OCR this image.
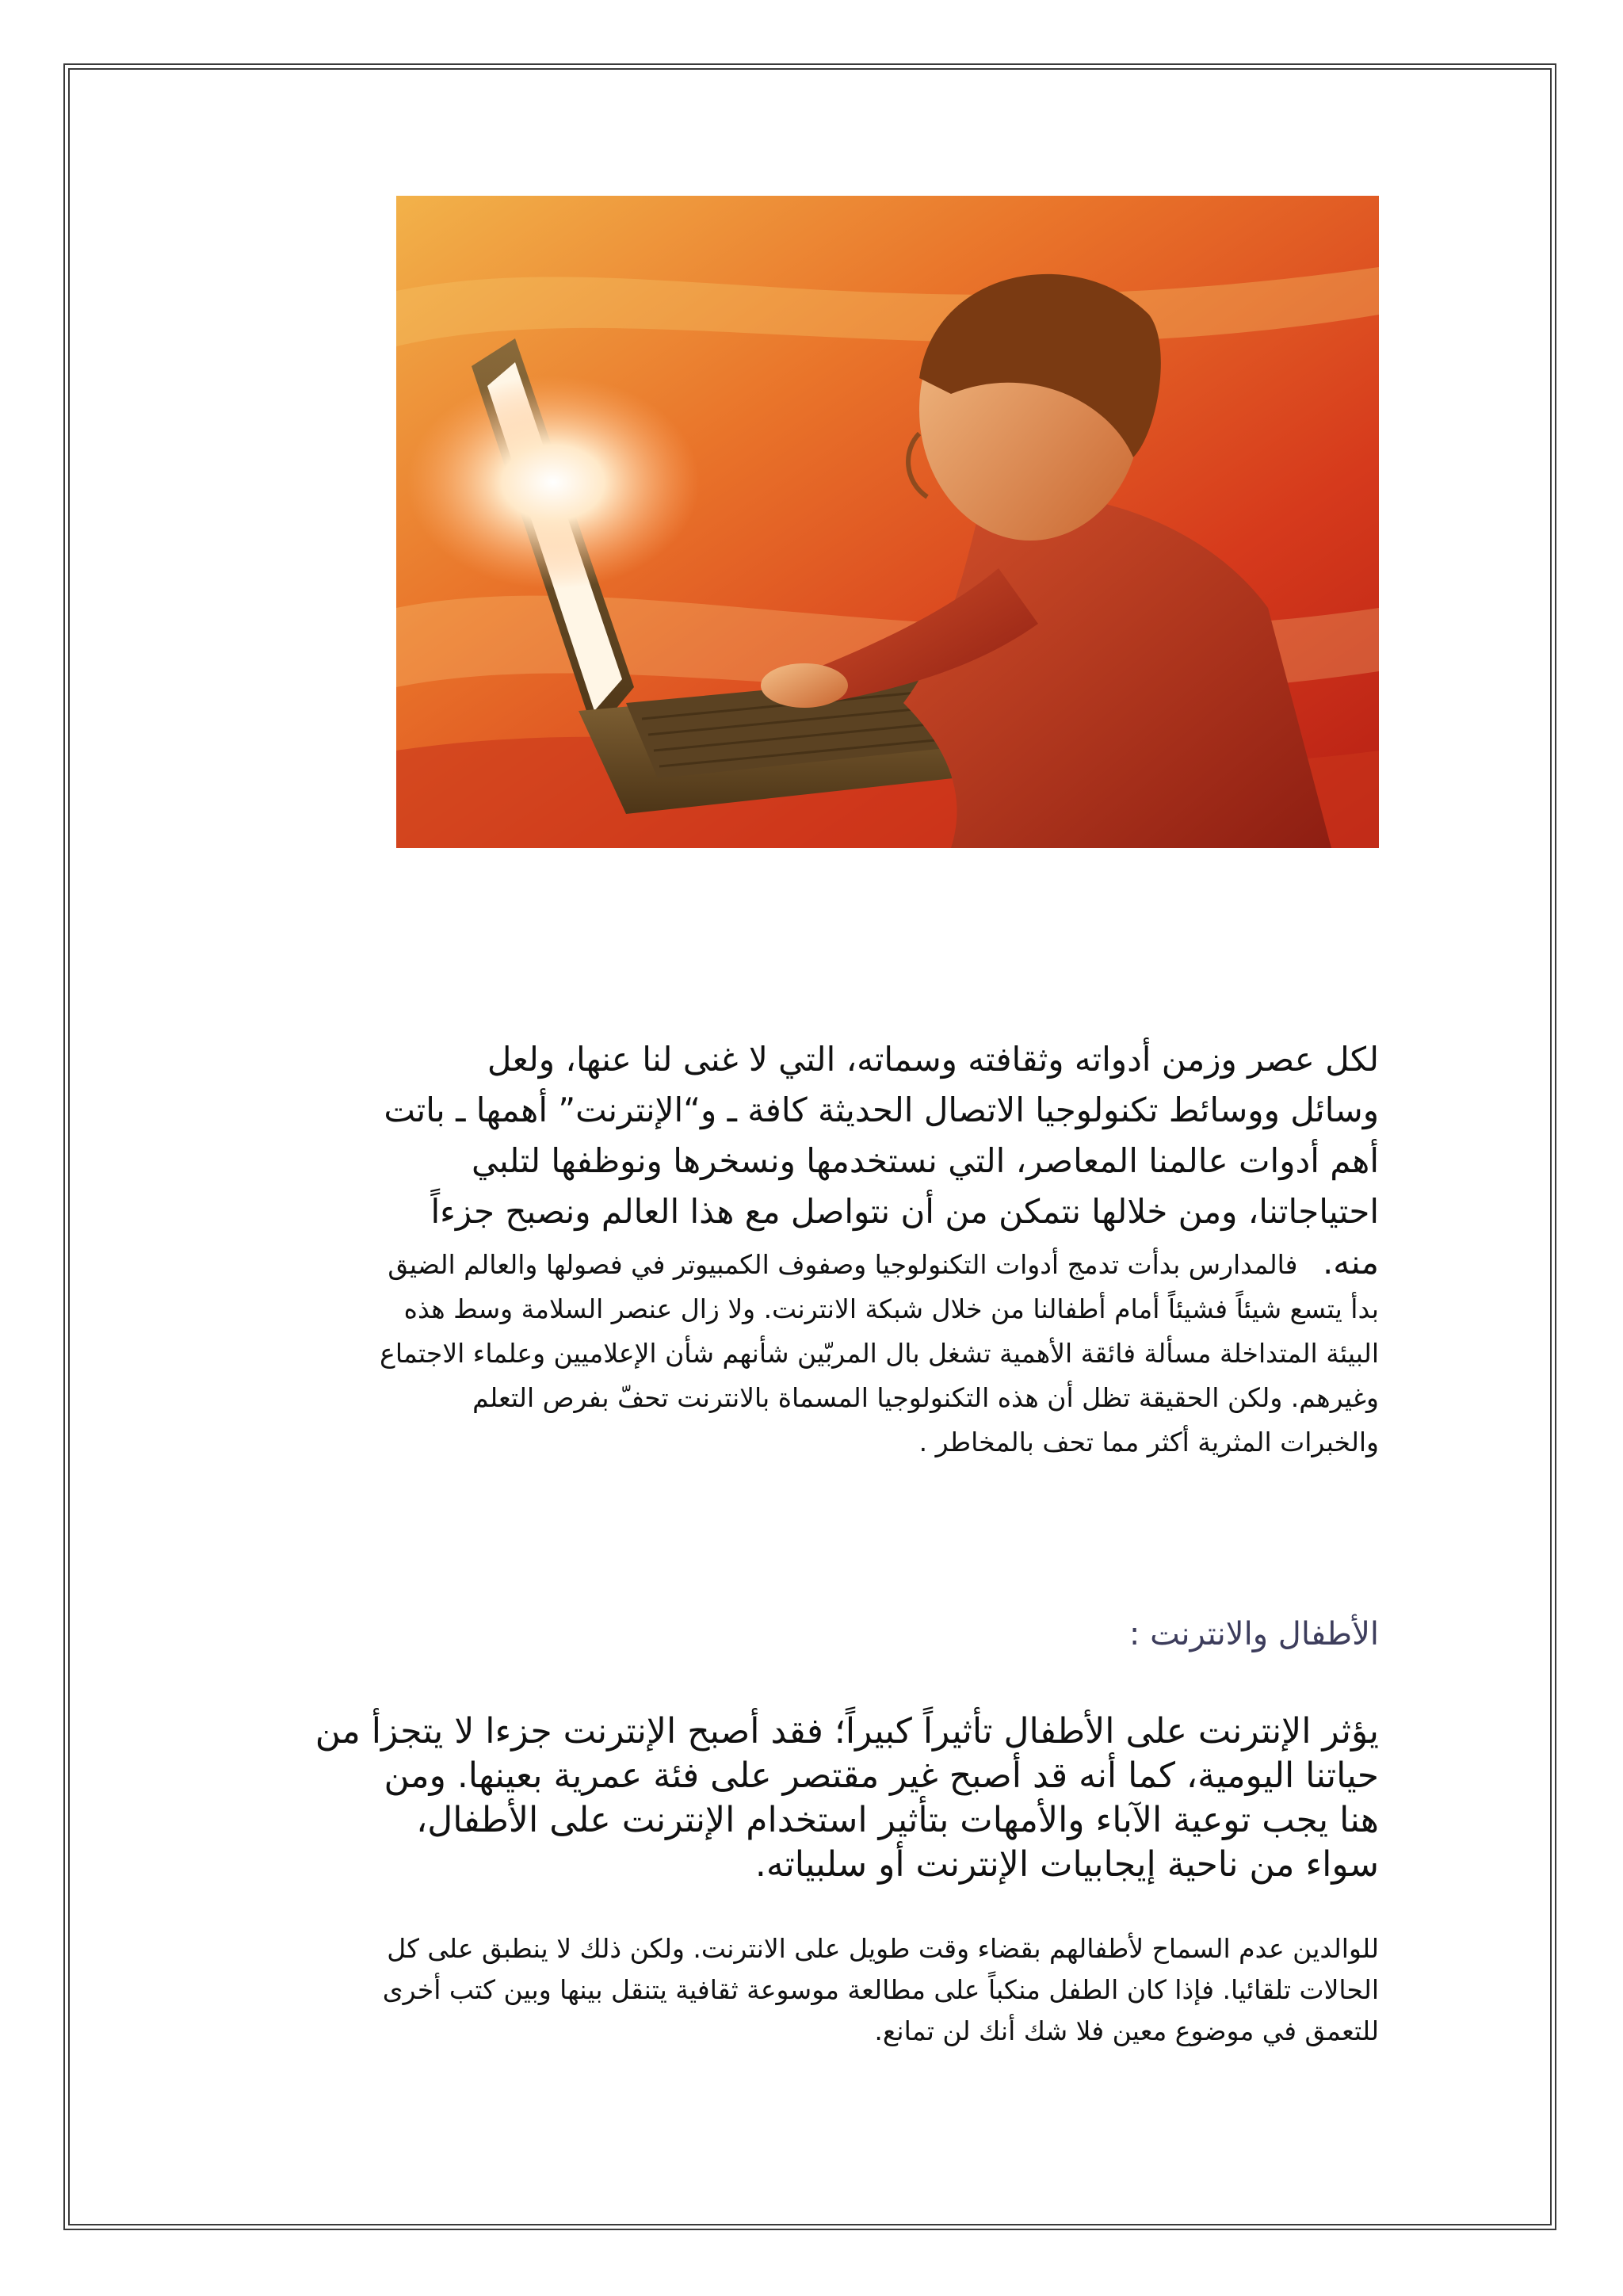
لكل عصر وزمن أدواته وثقافته وسماته، التي لا غنى لنا عنها، ولعل
وسائل ووسائط تكنولوجيا الاتصال الحديثة كافة ـ و“الإنترنت” أهمها ـ باتت
أهم أدوات عالمنا المعاصر، التي نستخدمها ونسخرها ونوظفها لتلبي
احتياجاتنا، ومن خلالها نتمكن من أن نتواصل مع هذا العالم ونصبح جزءاً
منه.   فالمدارس بدأت تدمج أدوات التكنولوجيا وصفوف الكمبيوتر في فصولها والعالم الضيق
بدأ يتسع شيئاً فشيئاً أمام أطفالنا من خلال شبكة الانترنت. ولا زال عنصر السلامة وسط هذه
البيئة المتداخلة مسألة فائقة الأهمية تشغل بال المربّين شأنهم شأن الإعلاميين وعلماء الاجتماع
وغيرهم. ولكن الحقيقة تظل أن هذه التكنولوجيا المسماة بالانترنت تحفّ بفرص التعلم
والخبرات المثرية أكثر مما تحف بالمخاطر .
الأطفال والانترنت :
يؤثر الإنترنت على الأطفال تأثيراً كبيراً؛ فقد أصبح الإنترنت جزءا لا يتجزأ من
حياتنا اليومية، كما أنه قد أصبح غير مقتصر على فئة عمرية بعينها. ومن
هنا يجب توعية الآباء والأمهات بتأثير استخدام الإنترنت على الأطفال،
سواء من ناحية إيجابيات الإنترنت أو سلبياته.
للوالدين عدم السماح لأطفالهم بقضاء وقت طويل على الانترنت. ولكن ذلك لا ينطبق على كل
الحالات تلقائيا. فإذا كان الطفل منكباً على مطالعة موسوعة ثقافية يتنقل بينها وبين كتب أخرى
للتعمق في موضوع معين فلا شك أنك لن تمانع.
